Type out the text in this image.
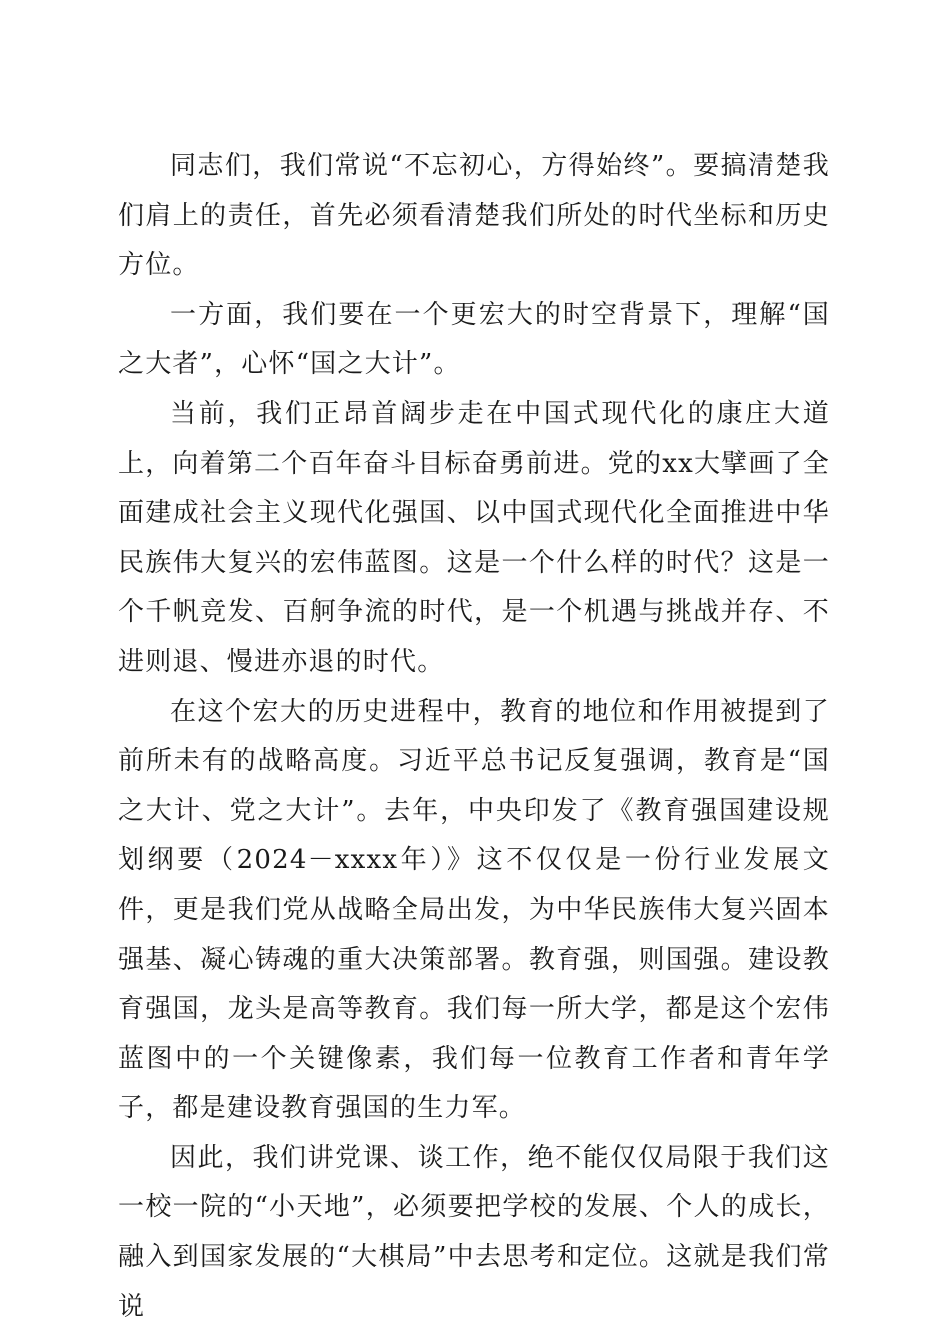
同志们，我们常说“不忘初心，方得始终”。要搞清楚我们肩上的责任，首先必须看清楚我们所处的时代坐标和历史方位。

一方面，我们要在一个更宏大的时空背景下，理解“国之大者”，心怀“国之大计”。

当前，我们正昂首阔步走在中国式现代化的康庄大道上，向着第二个百年奋斗目标奋勇前进。党的xx大擘画了全面建成社会主义现代化强国、以中国式现代化全面推进中华民族伟大复兴的宏伟蓝图。这是一个什么样的时代？这是一个千帆竞发、百舸争流的时代，是一个机遇与挑战并存、不进则退、慢进亦退的时代。

在这个宏大的历史进程中，教育的地位和作用被提到了前所未有的战略高度。习近平总书记反复强调，教育是“国之大计、党之大计”。去年，中央印发了《教育强国建设规划纲要（2024－xxxx年）》这不仅仅是一份行业发展文件，更是我们党从战略全局出发，为中华民族伟大复兴固本强基、凝心铸魂的重大决策部署。教育强，则国强。建设教育强国，龙头是高等教育。我们每一所大学，都是这个宏伟蓝图中的一个关键像素，我们每一位教育工作者和青年学子，都是建设教育强国的生力军。

因此，我们讲党课、谈工作，绝不能仅仅局限于我们这一校一院的“小天地”，必须要把学校的发展、个人的成长，融入到国家发展的“大棋局”中去思考和定位。这就是我们常说
